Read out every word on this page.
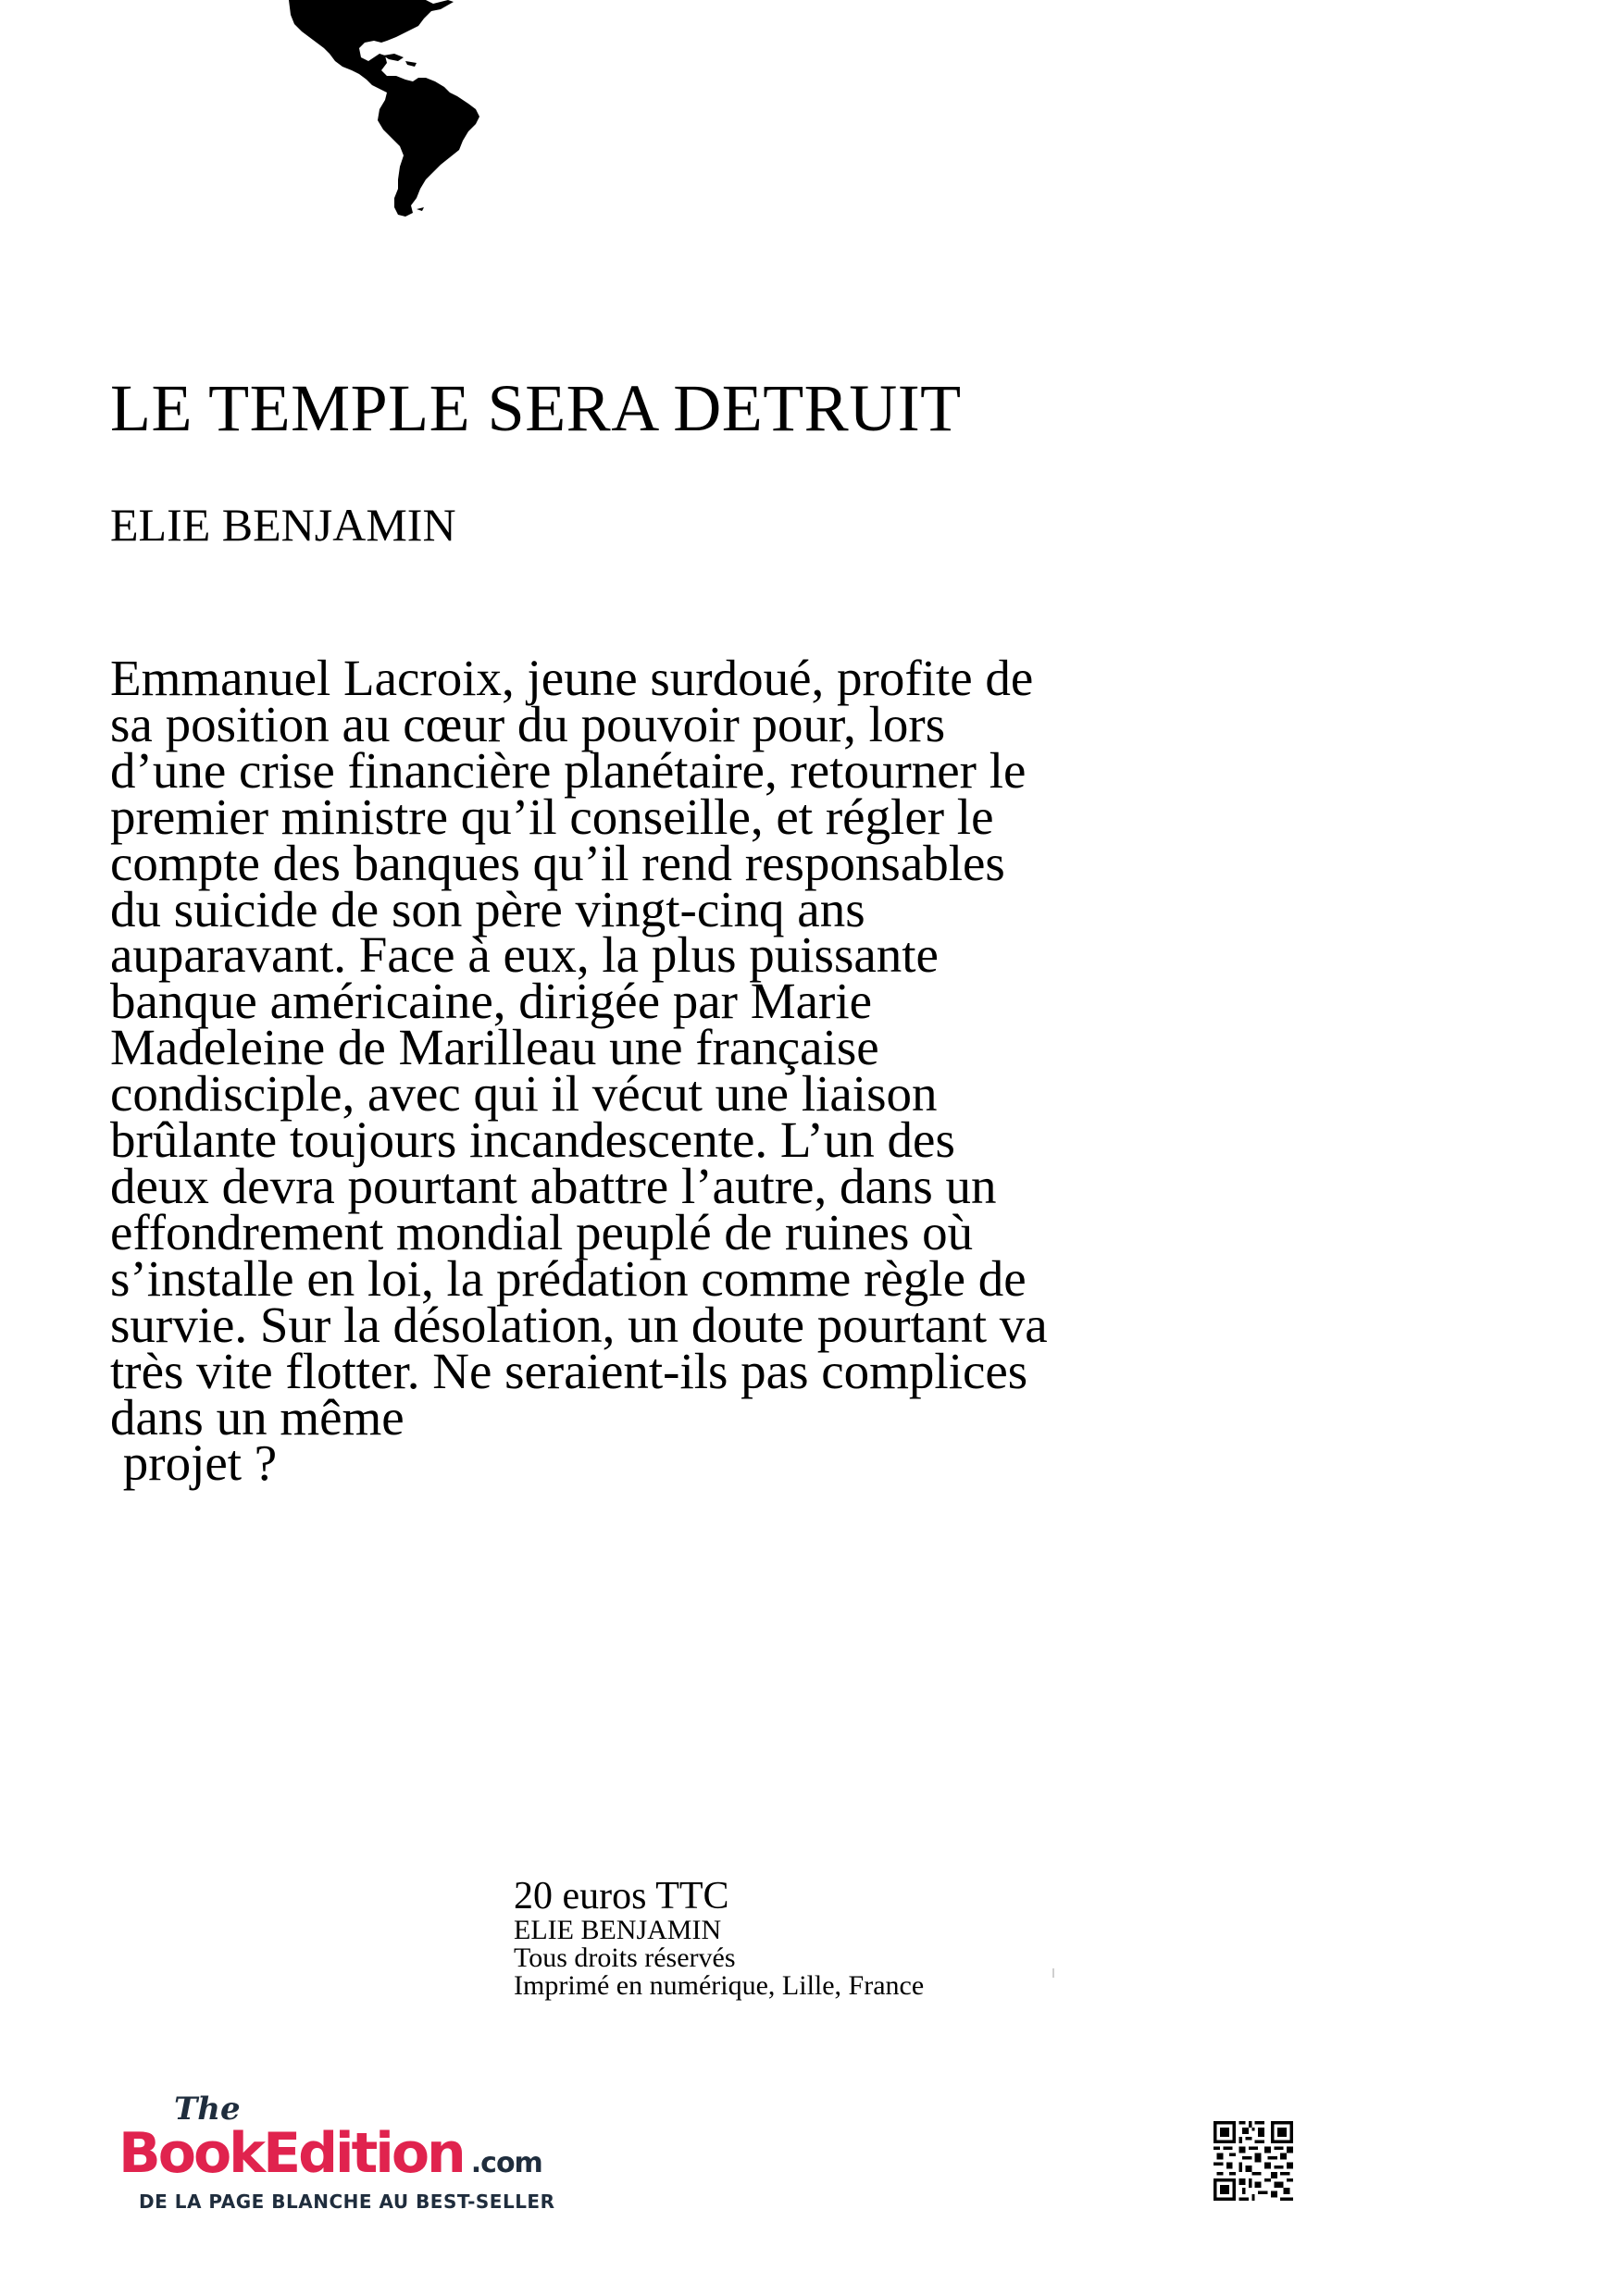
LE TEMPLE SERA DETRUIT
ELIE BENJAMIN
Emmanuel Lacroix, jeune surdoué, profite de
sa position au cœur du pouvoir pour, lors
d’une crise financière planétaire, retourner le
premier ministre qu’il conseille, et régler le
compte des banques qu’il rend responsables
du suicide de son père vingt-cinq ans
auparavant. Face à eux, la plus puissante
banque américaine, dirigée par Marie
Madeleine de Marilleau une française
condisciple, avec qui il vécut une liaison
brûlante toujours incandescente. L’un des
deux devra pourtant abattre l’autre, dans un
effondrement mondial peuplé de ruines où
s’installe en loi, la prédation comme règle de
survie. Sur la désolation, un doute pourtant va
très vite flotter. Ne seraient-ils pas complices
dans un même
projet ?
20 euros TTC
ELIE BENJAMIN
Tous droits réservés
Imprimé en numérique, Lille, France
The
BookEdition .com
DE LA PAGE BLANCHE AU BEST-SELLER
